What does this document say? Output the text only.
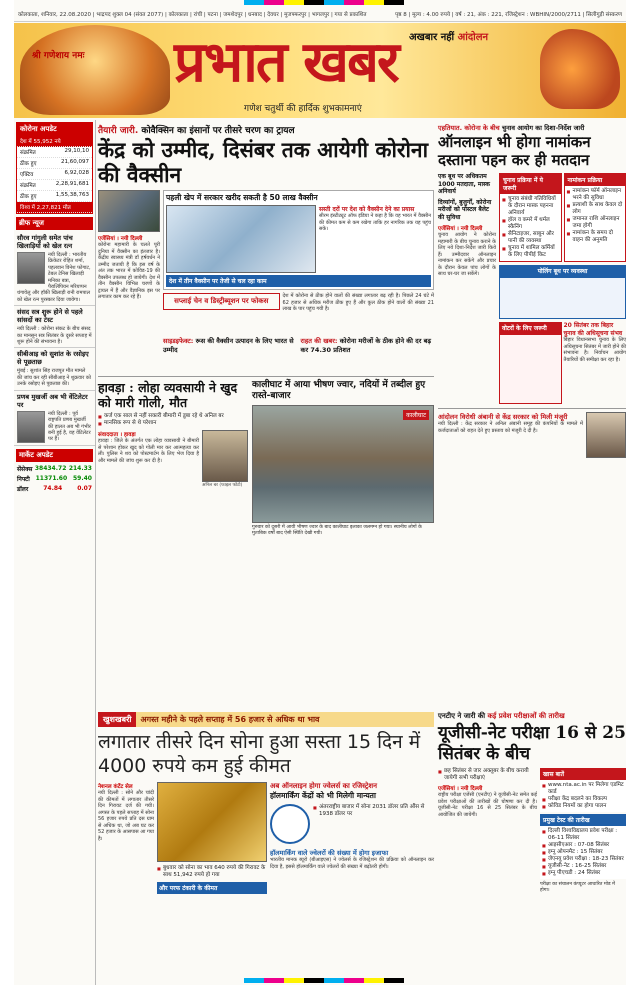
कोलकाता, शनिवार, 22.08.2020 | भाद्रपद शुक्ल 04 (संवत 2077) | कोलकाता | रांची | पटना | जमशेदपुर | धनबाद | देवघर | मुजफ्फरपुर | भागलपुर | गया से प्रकाशित	पृष्ठ 8 | मूल्य : 4.00 रुपये | वर्ष : 21, अंक : 221, रजिस्ट्रेशन : WBHIN/2000/2711 | सिलीगुड़ी संस्करण
श्री गणेशाय नमः प्रभात खबर अखबार नहीं आंदोलन
गणेश चतुर्थी की हार्दिक शुभकामनाएं
कोरोना अपडेट
देश में 55,952 नये
संक्रमित	29,10,10
ठीक हुए	21,60,097
एक्टिव	6,92,028
संक्रमित	2,28,91,681
ठीक हुए	1,55,38,763
विश्व में 2,27,821 मौत
ब्रीफ न्यूज
सौरव गांगुली समेत पांच खिलाड़ियों को खेल रत्न
नयी दिल्ली : भारतीय क्रिकेटर रोहित शर्मा, पहलवान विनेश फोगाट, टेबल टेनिस खिलाड़ी मनिका बत्रा, पैरालिंपियन मरियप्पन थंगावेलु और हॉकी खिलाड़ी रानी रामपाल को खेल रत्न पुरस्कार दिया जायेगा।
संसद सत्र शुरू होने से पहले सांसदों का टेस्ट
नयी दिल्ली : कोरोना संकट के बीच संसद का मानसून सत्र सितंबर के दूसरे सप्ताह में शुरू होने की संभावना है।
सीबीआइ को सुशांत के रसोइए से पूछताछ
मुंबई : सुशांत सिंह राजपूत मौत मामले की जांच कर रही सीबीआइ ने शुक्रवार को उनके रसोइए से पूछताछ की।
प्रणब मुखर्जी अब भी वेंटिलेटर पर
नयी दिल्ली : पूर्व राष्ट्रपति प्रणब मुखर्जी की हालत अब भी गंभीर बनी हुई है, वह वेंटिलेटर पर हैं।
मार्केट अपडेट
सेंसेक्स 38434.72 214.33
निफ्टी 11371.60 59.40
डॉलर 74.84 0.07
तैयारी जारी. कोवैक्सिन का इंसानों पर तीसरे चरण का ट्रायल
केंद्र को उम्मीद, दिसंबर तक आयेगी कोरोना की वैक्सीन
एजेंसियां । नयी दिल्ली
कोरोना महामारी के चलते पूरी दुनिया में वैक्सीन का इंतजार है। केंद्रीय स्वास्थ्य मंत्री डॉ हर्षवर्धन ने उम्मीद जतायी है कि इस वर्ष के अंत तक भारत में कोविड-19 की वैक्सीन उपलब्ध हो जायेगी। देश में तीन वैक्सीन विभिन्न चरणों के ट्रायल में हैं और वैज्ञानिक इस पर लगातार काम कर रहे हैं।
पहली खेप में सरकार खरीद सकती है 50 लाख वैक्सीन
सस्ती दरों पर देश को वैक्सीन देने का प्रयास
सीरम इंस्टीट्यूट ऑफ इंडिया ने कहा है कि वह भारत में वैक्सीन की कीमत कम से कम रखेगा ताकि हर नागरिक तक यह पहुंच सके।
देश में तीन वैक्सीन पर तेजी से चल रहा काम
सप्लाई चेन व डिस्ट्रीब्यूशन पर फोकस
देश में कोरोना से ठीक होने वालों की संख्या लगातार बढ़ रही है। पिछले 24 घंटे में 62 हजार से अधिक मरीज ठीक हुए हैं और कुल ठीक होने वालों की संख्या 21 लाख के पार पहुंच गयी है।
साइडइफेक्ट: रूस की वैक्सीन उत्पादन के लिए भारत से उम्मीद
राहत की खबर: कोरोना मरीजों के ठीक होने की दर बढ़ कर 74.30 प्रतिशत
हावड़ा : लोहा व्यवसायी ने खुद को मारी गोली, मौत
■ कर्ज एक साल से नहीं सकारी बीमारी में डूबा रहे थे अनिल बर
■ मानसिक रूप से थे परेशान
संवाददाता । हावड़ा
हावड़ा : जिले के अंतर्गत एक लोहा व्यवसायी ने बीमारी से परेशान होकर खुद को गोली मार कर आत्महत्या कर ली। पुलिस ने शव को पोस्टमार्टम के लिए भेज दिया है और मामले की जांच शुरू कर दी है।
अनिल बर (फाइल फोटो)
कालीघाट में आया भीषण ज्वार, नदियों में तब्दील हुए रास्ते-बाजार
कालीघाट
गुरुवार को दूसरी में आयी भीषण ज्वार के बाद कालीघाट इलाका जलमग्न हो गया। स्थानीय लोगों के मुताबिक वर्षों बाद ऐसी स्थिति देखी गयी।
एहतियात. कोरोना के बीच चुनाव आयोग का दिशा-निर्देश जारी
ऑनलाइन भी होगा नामांकन दस्ताना पहन कर ही मतदान
एक बूथ पर अधिकतम 1000 मतदाता, मास्क अनिवार्य
दिव्यांगों, बुजुर्गों, कोरोना मरीजों को पोस्टल बैलेट की सुविधा
एजेंसियां । नयी दिल्ली
चुनाव आयोग ने कोरोना महामारी के बीच चुनाव कराने के लिए नये दिशा-निर्देश जारी किये हैं। उम्मीदवार ऑनलाइन नामांकन कर सकेंगे और प्रचार के दौरान केवल पांच लोगों के साथ घर-घर जा सकेंगे।
चुनाव प्रक्रिया में ये जरूरी
■ चुनाव संबंधी गतिविधियों के दौरान मास्क पहनना अनिवार्य
■ हॉल व कमरे में थर्मल स्कैनिंग
■ सैनिटाइजर, साबुन और पानी की व्यवस्था
■ चुनाव में शामिल कर्मियों के लिए पीपीई किट
नामांकन प्रक्रिया
■ नामांकन फॉर्म ऑनलाइन भरने की सुविधा
■ प्रत्याशी के साथ केवल दो लोग
■ जमानत राशि ऑनलाइन जमा होगी
■ नामांकन के समय दो वाहन की अनुमति
पोलिंग बूथ पर व्यवस्था
वोटरों के लिए जरूरी	20 सितंबर तक बिहार चुनाव की अधिसूचना संभव
बिहार विधानसभा चुनाव के लिए अधिसूचना सितंबर में जारी होने की संभावना है। निर्वाचन आयोग तैयारियों की समीक्षा कर रहा है।
आंदोलन विरोधी अंबानी से केंद्र सरकार को मिली मंजूरी
नयी दिल्ली : केंद्र सरकार ने अनिल अंबानी समूह की कंपनियों के मामले में कर्जदाताओं को राहत देते हुए प्रस्ताव को मंजूरी दे दी है।
खुशखबरी	अगस्त महीने के पहले सप्ताह में 56 हजार से अधिक था भाव
लगातार तीसरे दिन सोना हुआ सस्ता 15 दिन में 4000 रुपये कम हुई कीमत
नेशनल कंटेंट सेल
नयी दिल्ली : सोने और चांदी की कीमतों में लगातार तीसरे दिन गिरावट दर्ज की गयी। अगस्त के पहले सप्ताह में सोना 56 हजार रुपये प्रति दस ग्राम से अधिक था, जो अब घट कर 52 हजार के आसपास आ गया है।
■ बुधवार को सोना का भाव 640 रुपये की गिरावट के साथ 51,942 रुपये हो गया
और परफ टंकारी के कीमत
अब ऑनलाइन होगा ज्वेलर्स का रजिस्ट्रेशन
हॉलमार्किंग केंद्रों को भी मिलेगी मान्यता
■ अंतरराष्ट्रीय बाजार में सोना 2031 डॉलर प्रति औंस से 1938 डॉलर पर
हॉलमार्किंग वाले ज्वेलरों की संख्या में होगा इजाफा
भारतीय मानक ब्यूरो (बीआइएस) ने ज्वेलर्स के रजिस्ट्रेशन की प्रक्रिया को ऑनलाइन कर दिया है, इससे हॉलमार्किंग वाले ज्वेलरों की संख्या में बढ़ोतरी होगी।
एनटीए ने जारी की कई प्रवेश परीक्षाओं की तारीख
यूजीसी-नेट परीक्षा 16 से 25 सितंबर के बीच
■ छह सितंबर से जार अक्तूबर के बीच करायी जायेगी सभी परीक्षाएं
एजेंसियां । नयी दिल्ली
राष्ट्रीय परीक्षा एजेंसी (एनटीए) ने यूजीसी-नेट समेत कई प्रवेश परीक्षाओं की तारीखों की घोषणा कर दी है। यूजीसी-नेट परीक्षा 16 से 25 सितंबर के बीच आयोजित की जायेगी।
खास बातें
■ www.nta.ac.in पर मिलेगा एडमिट कार्ड
■ परीक्षा केंद्र बदलने का विकल्प
■ कोविड नियमों का होगा पालन
प्रमुख टेस्ट की तारीख
■ दिल्ली विश्वविद्यालय प्रवेश परीक्षा : 06-11 सितंबर
■ आइसीएआर : 07-08 सितंबर
■ इग्नू ओपनमैट : 15 सितंबर
■ जेएनयू प्रवेश परीक्षा : 18-23 सितंबर
■ यूजीसी-नेट : 16-25 सितंबर
■ इग्नू पीएचडी : 24 सितंबर
परीक्षा का संचालन कंप्यूटर आधारित मोड में होगा।
